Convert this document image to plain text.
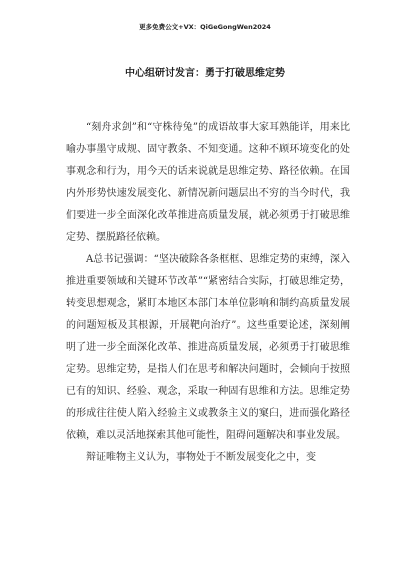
更多免费公文+VX：QiGeGongWen2024
中心组研讨发言：勇于打破思维定势

“刻舟求剑”和“守株待兔”的成语故事大家耳熟能详，用来比喻办事墨守成规、固守教条、不知变通。这种不顾环境变化的处事观念和行为，用今天的话来说就是思维定势、路径依赖。在国内外形势快速发展变化、新情况新问题层出不穷的当今时代，我们要进一步全面深化改革推进高质量发展，就必须勇于打破思维定势、摆脱路径依赖。

A总书记强调：“坚决破除各条框框、思维定势的束缚，深入推进重要领域和关键环节改革”“紧密结合实际，打破思维定势，转变思想观念，紧盯本地区本部门本单位影响和制约高质量发展的问题短板及其根源，开展靶向治疗”。这些重要论述，深刻阐明了进一步全面深化改革、推进高质量发展，必须勇于打破思维定势。思维定势，是指人们在思考和解决问题时，会倾向于按照已有的知识、经验、观念，采取一种固有思维和方法。思维定势的形成往往使人陷入经验主义或教条主义的窠臼，进而强化路径依赖，难以灵活地探索其他可能性，阻碍问题解决和事业发展。

辩证唯物主义认为，事物处于不断发展变化之中，变
